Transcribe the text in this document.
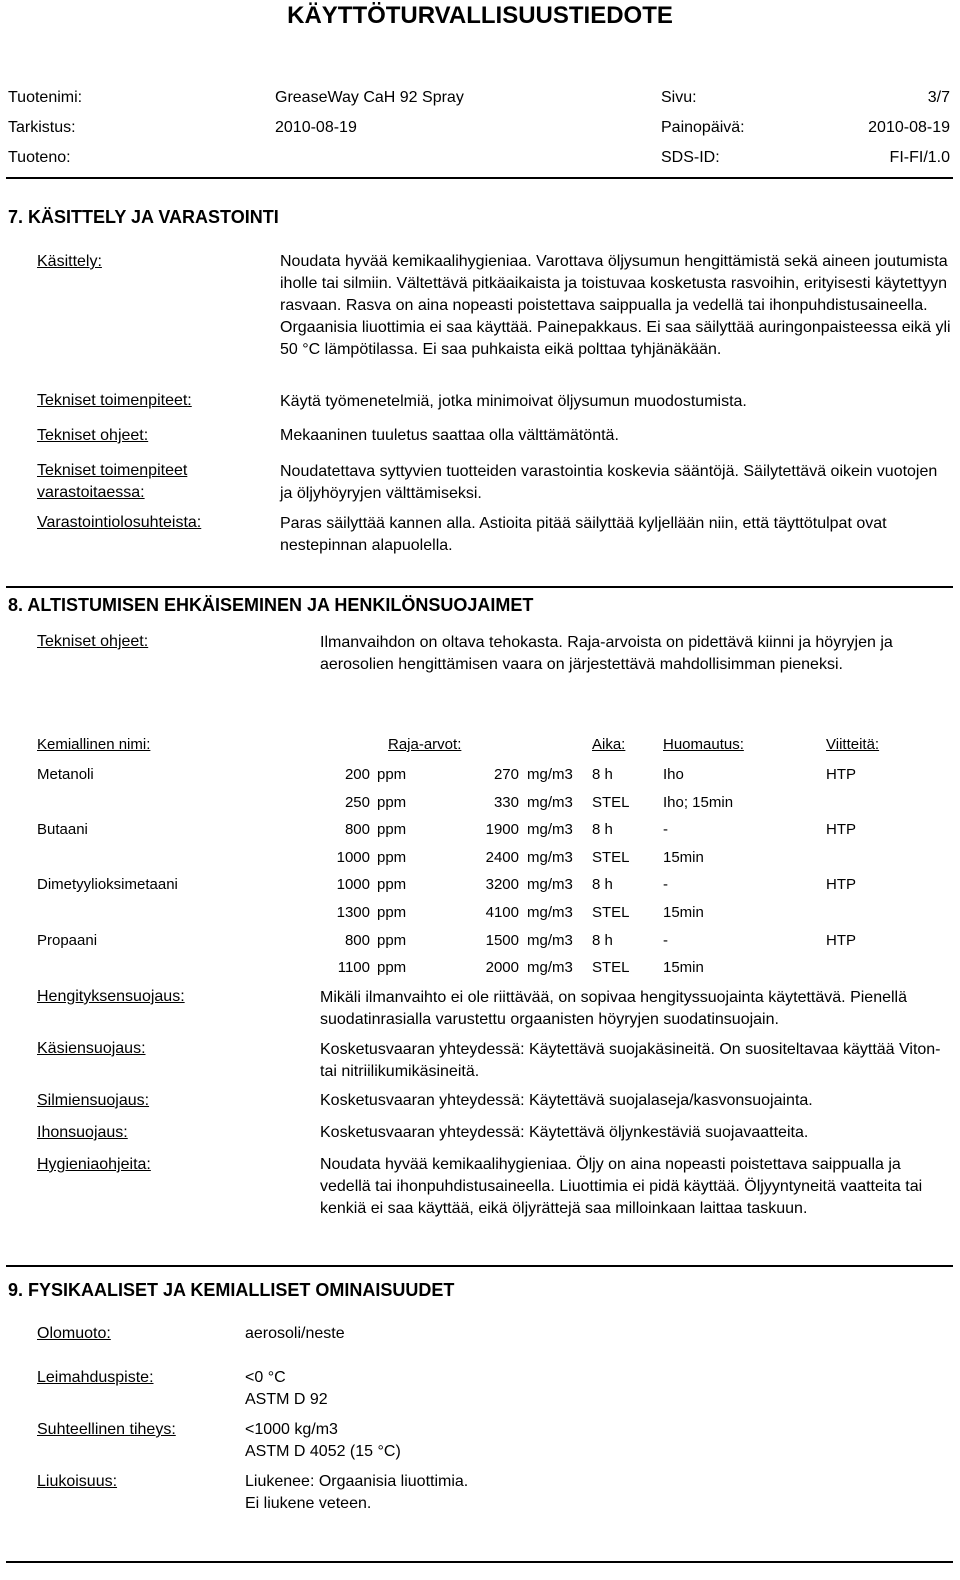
KÄYTTÖTURVALLISUUSTIEDOTE
Tuotenimi:	GreaseWay CaH 92 Spray	Sivu:	3/7
Tarkistus:	2010-08-19	Painopäivä:	2010-08-19
Tuoteno:	SDS-ID:	FI-FI/1.0
7. KÄSITTELY JA VARASTOINTI
Käsittely:	Noudata hyvää kemikaalihygieniaa. Varottava öljysumun hengittämistä sekä aineen joutumista iholle tai silmiin. Vältettävä pitkäaikaista ja toistuvaa kosketusta rasvoihin, erityisesti käytettyyn rasvaan. Rasva on aina nopeasti poistettava saippualla ja vedellä tai ihonpuhdistusaineella. Orgaanisia liuottimia ei saa käyttää. Painepakkaus. Ei saa säilyttää auringonpaisteessa eikä yli 50 °C lämpötilassa. Ei saa puhkaista eikä polttaa tyhjänäkään.
Tekniset toimenpiteet:	Käytä työmenetelmiä, jotka minimoivat öljysumun muodostumista.
Tekniset ohjeet:	Mekaaninen tuuletus saattaa olla välttämätöntä.
Tekniset toimenpiteet
varastoitaessa:
Noudatettava syttyvien tuotteiden varastointia koskevia sääntöjä. Säilytettävä oikein vuotojen ja öljyhöyryjen välttämiseksi.
Varastointiolosuhteista:	Paras säilyttää kannen alla. Astioita pitää säilyttää kyljellään niin, että täyttötulpat ovat nestepinnan alapuolella.
8. ALTISTUMISEN EHKÄISEMINEN JA HENKILÖNSUOJAIMET
Tekniset ohjeet:	Ilmanvaihdon on oltava tehokasta. Raja-arvoista on pidettävä kiinni ja höyryjen ja aerosolien hengittämisen vaara on järjestettävä mahdollisimman pieneksi.
Kemiallinen nimi:	Raja-arvot:	Aika:	Huomautus:	Viitteitä:
Metanoli	200 ppm	270 mg/m3 8 h	Iho	HTP
250 ppm	330 mg/m3 STEL Iho; 15min
Butaani	800 ppm	1900 mg/m3 8 h	-	HTP
1000 ppm	2400 mg/m3 STEL 15min
Dimetyylioksimetaani	1000 ppm	3200 mg/m3 8 h	-	HTP
1300 ppm	4100 mg/m3 STEL 15min
Propaani	800 ppm	1500 mg/m3 8 h	-	HTP
1100 ppm	2000 mg/m3 STEL 15min
Hengityksensuojaus:	Mikäli ilmanvaihto ei ole riittävää, on sopivaa hengityssuojainta käytettävä. Pienellä suodatinrasialla varustettu orgaanisten höyryjen suodatinsuojain.
Käsiensuojaus:	Kosketusvaaran yhteydessä: Käytettävä suojakäsineitä. On suositeltavaa käyttää Viton- tai nitriilikumikäsineitä.
Silmiensuojaus:	Kosketusvaaran yhteydessä: Käytettävä suojalaseja/kasvonsuojainta.
Ihonsuojaus:	Kosketusvaaran yhteydessä: Käytettävä öljynkestäviä suojavaatteita.
Hygieniaohjeita:	Noudata hyvää kemikaalihygieniaa. Öljy on aina nopeasti poistettava saippualla ja vedellä tai ihonpuhdistusaineella. Liuottimia ei pidä käyttää. Öljyyntyneitä vaatteita tai kenkiä ei saa käyttää, eikä öljyrättejä saa milloinkaan laittaa taskuun.
9. FYSIKAALISET JA KEMIALLISET OMINAISUUDET
Olomuoto:	aerosoli/neste
Leimahduspiste:	<0 °C
ASTM D 92
Suhteellinen tiheys:	<1000 kg/m3
ASTM D 4052 (15 °C)
Liukoisuus:	Liukenee: Orgaanisia liuottimia.
Ei liukene veteen.
